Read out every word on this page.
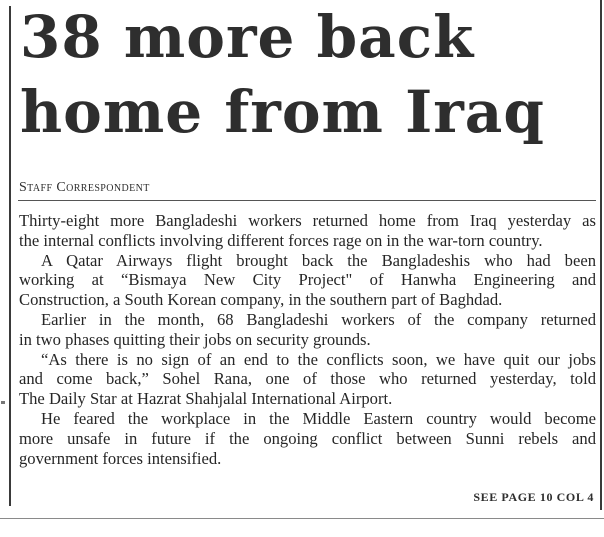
38 more back
home from Iraq
Staff Correspondent
Thirty-eight more Bangladeshi workers returned home from Iraq yesterday as
the internal conflicts involving different forces rage on in the war-torn country.
A Qatar Airways flight brought back the Bangladeshis who had been
working at “Bismaya New City Project" of Hanwha Engineering and
Construction, a South Korean company, in the southern part of Baghdad.
Earlier in the month, 68 Bangladeshi workers of the company returned
in two phases quitting their jobs on security grounds.
“As there is no sign of an end to the conflicts soon, we have quit our jobs
and come back,” Sohel Rana, one of those who returned yesterday, told
The Daily Star at Hazrat Shahjalal International Airport.
He feared the workplace in the Middle Eastern country would become
more unsafe in future if the ongoing conflict between Sunni rebels and
government forces intensified.
SEE PAGE 10 COL 4
